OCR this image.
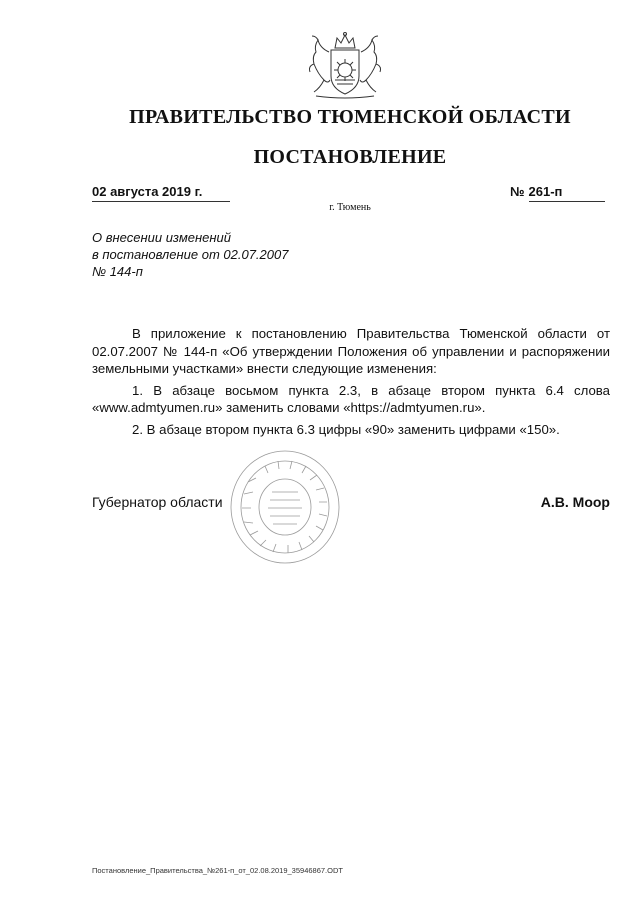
ПРАВИТЕЛЬСТВО ТЮМЕНСКОЙ ОБЛАСТИ
ПОСТАНОВЛЕНИЕ
02 августа 2019 г.
г. Тюмень
№ 261-п
О внесении изменений
в постановление от 02.07.2007
№ 144-п

В приложение к постановлению Правительства Тюменской области от 02.07.2007 № 144-п «Об утверждении Положения об управлении и распоряжении земельными участками» внести следующие изменения:

1. В абзаце восьмом пункта 2.3, в абзаце втором пункта 6.4 слова «www.admtyumen.ru» заменить словами «https://admtyumen.ru».

2. В абзаце втором пункта 6.3 цифры «90» заменить цифрами «150».

Губернатор области	А.В. Моор
Постановление_Правительства_№261-п_от_02.08.2019_35946867.ODT
